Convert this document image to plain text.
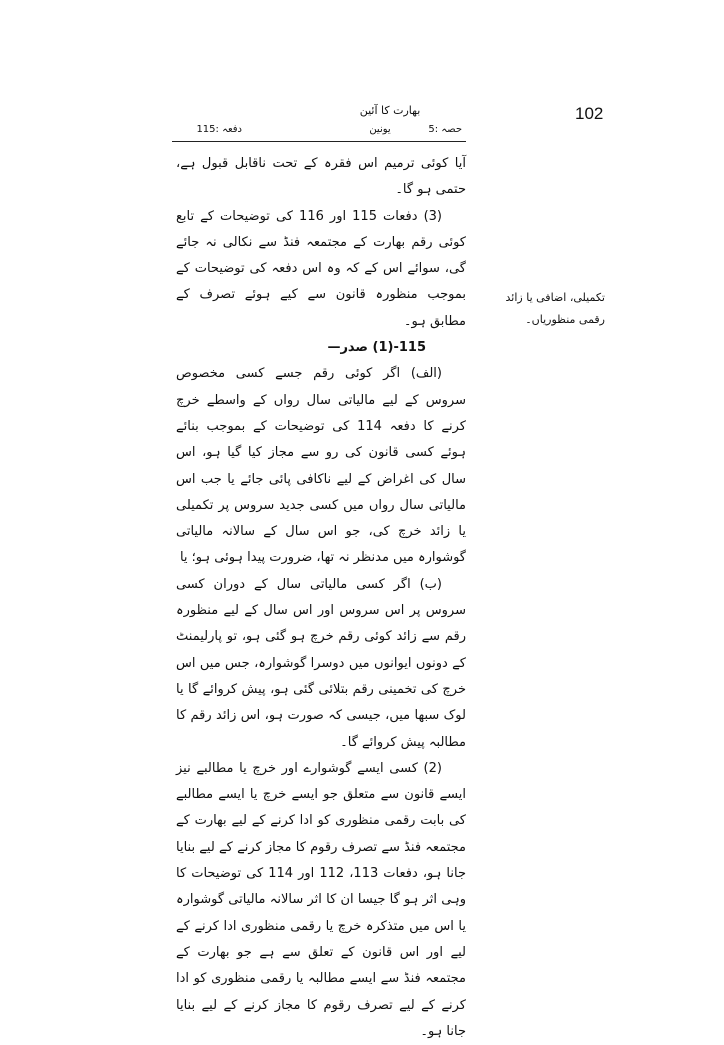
102
بھارت کا آئین
حصہ :5
یونین
دفعہ :115

آیا کوئی ترمیم اس فقرہ کے تحت ناقابل قبول ہے، حتمی ہو گا۔

(3) دفعات 115 اور 116 کی توضیحات کے تابع کوئی رقم بھارت کے مجتمعہ فنڈ سے نکالی نہ جائے گی، سوائے اس کے کہ وہ اس دفعہ کی توضیحات کے بموجب منظورہ قانون سے کیے ہوئے تصرف کے مطابق ہو۔

115-(1) صدر—

(الف) اگر کوئی رقم جسے کسی مخصوص سروس کے لیے مالیاتی سال رواں کے واسطے خرچ کرنے کا دفعہ 114 کی توضیحات کے بموجب بنائے ہوئے کسی قانون کی رو سے مجاز کیا گیا ہو، اس سال کی اغراض کے لیے ناکافی پائی جائے یا جب اس مالیاتی سال رواں میں کسی جدید سروس پر تکمیلی یا زائد خرچ کی، جو اس سال کے سالانہ مالیاتی گوشوارہ میں مدنظر نہ تھا، ضرورت پیدا ہوئی ہو؛ یا

(ب) اگر کسی مالیاتی سال کے دوران کسی سروس پر اس سروس اور اس سال کے لیے منظورہ رقم سے زائد کوئی رقم خرچ ہو گئی ہو، تو پارلیمنٹ کے دونوں ایوانوں میں دوسرا گوشوارہ، جس میں اس خرچ کی تخمینی رقم بتلائی گئی ہو، پیش کروائے گا یا لوک سبھا میں، جیسی کہ صورت ہو، اس زائد رقم کا مطالبہ پیش کروائے گا۔

(2) کسی ایسے گوشوارے اور خرچ یا مطالبے نیز ایسے قانون سے متعلق جو ایسے خرچ یا ایسے مطالبے کی بابت رقمی منظوری کو ادا کرنے کے لیے بھارت کے مجتمعہ فنڈ سے تصرف رقوم کا مجاز کرنے کے لیے بنایا جانا ہو، دفعات 113، 112 اور 114 کی توضیحات کا وہی اثر ہو گا جیسا ان کا اثر سالانہ مالیاتی گوشوارہ یا اس میں متذکرہ خرچ یا رقمی منظوری ادا کرنے کے لیے اور اس قانون کے تعلق سے ہے جو بھارت کے مجتمعہ فنڈ سے ایسے مطالبہ یا رقمی منظوری کو ادا کرنے کے لیے تصرف رقوم کا مجاز کرنے کے لیے بنایا جانا ہو۔

تکمیلی، اضافی یا زائد رقمی منظوریاں۔
